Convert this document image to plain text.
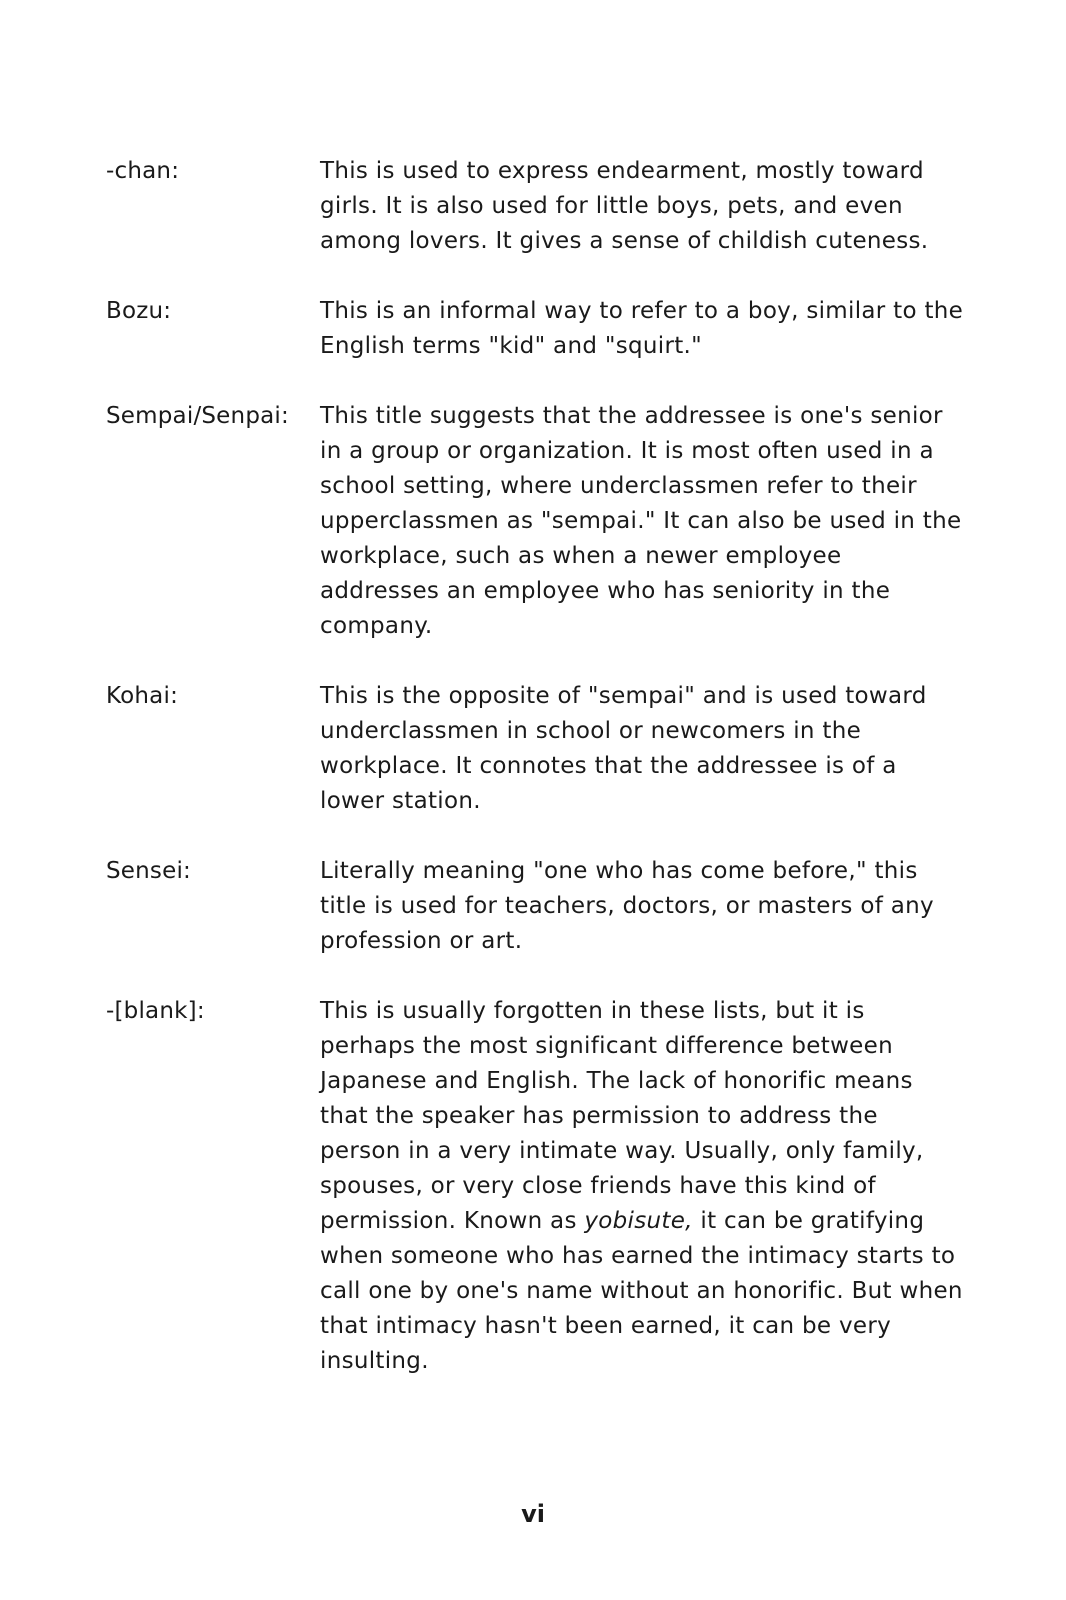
-chan:	This is used to express endearment, mostly toward girls. It is also used for little boys, pets, and even among lovers. It gives a sense of childish cuteness.
Bozu:	This is an informal way to refer to a boy, similar to the English terms "kid" and "squirt."
Sempai/Senpai:	This title suggests that the addressee is one's senior in a group or organization. It is most often used in a school setting, where underclassmen refer to their upperclassmen as "sempai." It can also be used in the workplace, such as when a newer employee addresses an employee who has seniority in the company.
Kohai:	This is the opposite of "sempai" and is used toward underclassmen in school or newcomers in the workplace. It connotes that the addressee is of a lower station.
Sensei:	Literally meaning "one who has come before," this title is used for teachers, doctors, or masters of any profession or art.
-[blank]:	This is usually forgotten in these lists, but it is perhaps the most significant difference between Japanese and English. The lack of honorific means that the speaker has permission to address the person in a very intimate way. Usually, only family, spouses, or very close friends have this kind of permission. Known as yobisute, it can be gratifying when someone who has earned the intimacy starts to call one by one's name without an honorific. But when that intimacy hasn't been earned, it can be very insulting.
vi
